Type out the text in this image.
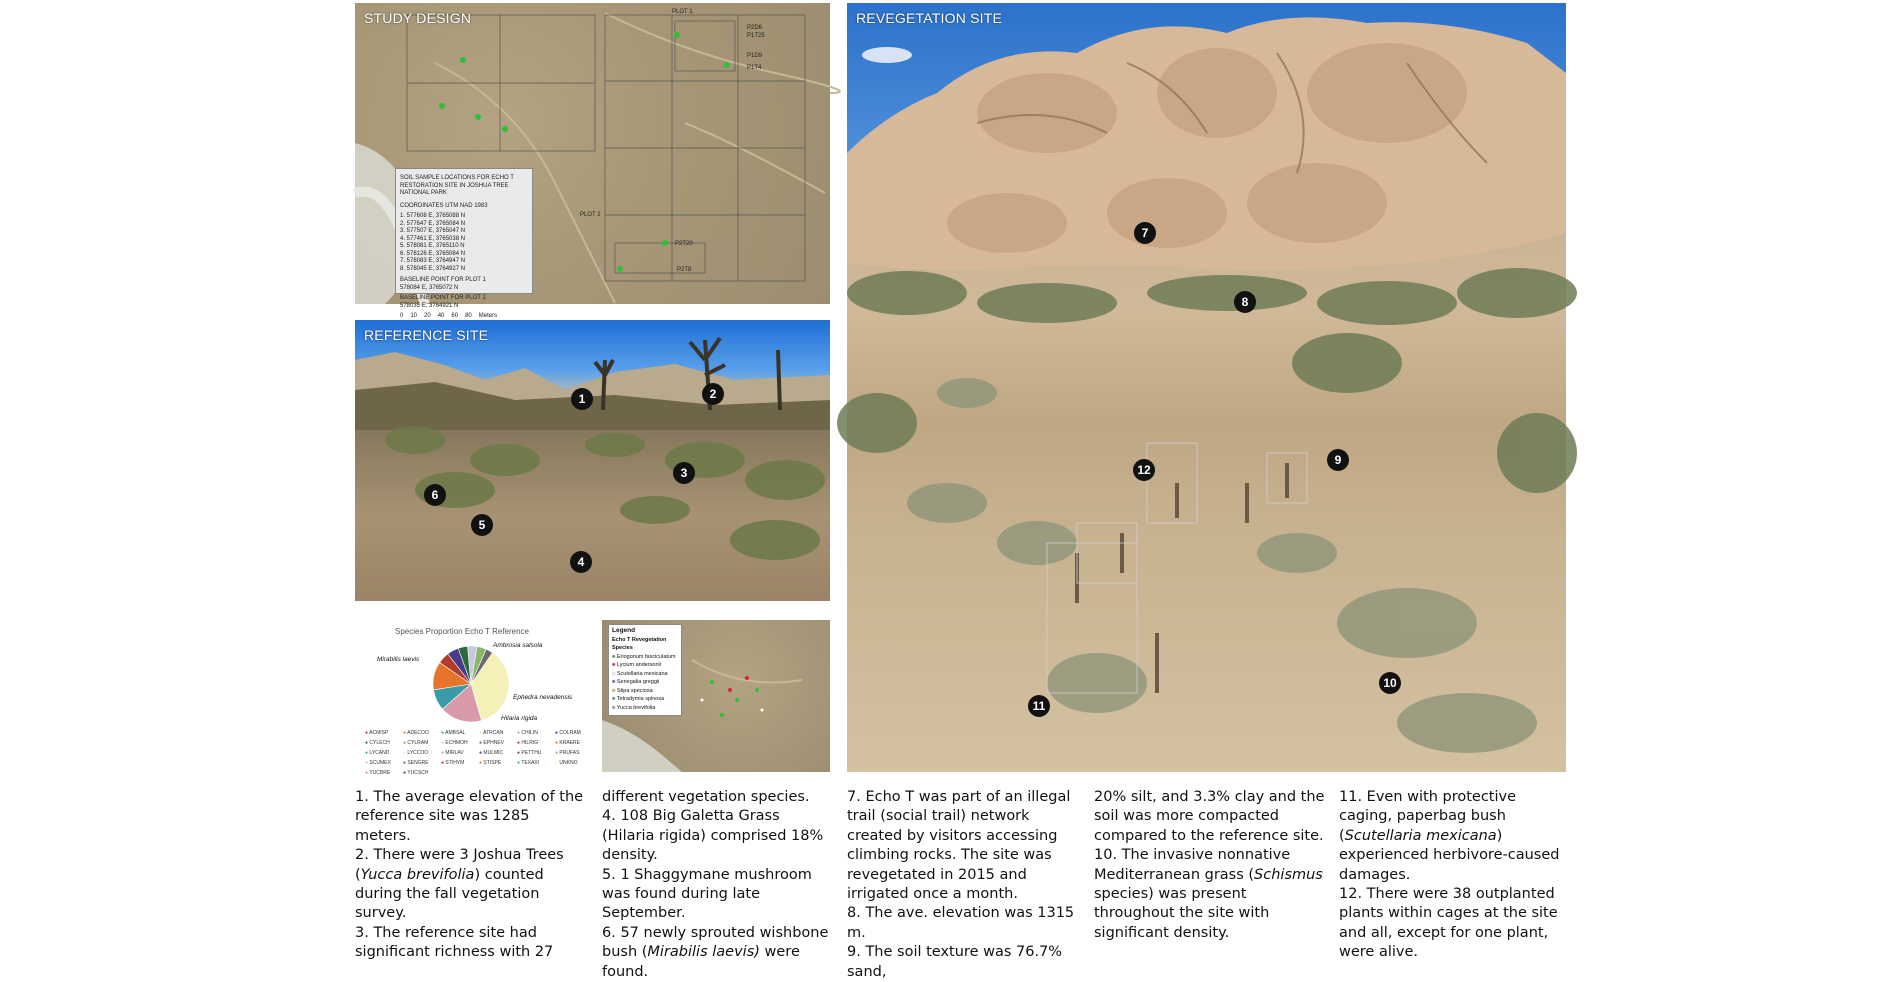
PLOT 1
PLOT 2
P2D6
P1T25
P1D9
P1T4
P2T20
P2T8
SOIL SAMPLE LOCATIONS FOR ECHO T RESTORATION SITE IN JOSHUA TREE NATIONAL PARK
COORDINATES UTM NAD 1983
1. 577608 E, 3765088 N
2. 577647 E, 3765084 N
3. 577507 E, 3765047 N
4. 577461 E, 3765038 N
5. 578081 E, 3765110 N
6. 578126 E, 3765084 N
7. 578083 E, 3764947 N
8. 578045 E, 3764927 N
BASELINE POINT FOR PLOT 1
578084 E, 3765072 N
BASELINE POINT FOR PLOT 2
578035 E, 3764921 N
0 10 20 40 60 80 Meters
STUDY DESIGN
1	2
3
4
5
6
REFERENCE SITE
Species Proportion Echo T Reference
Ambrosia salsola
Mirabilis laevis
Ephedra nevadensis
Hilaria rigida
● ACMISP	● ADECOO	● AMBSAL	● ATRCAN	● CHILIN	● COLRAM
● CYLECH	● CYLRAM	● ECHMOH	● EPHNEV	● HILRIG	● KRAERE
● LYCAND	● LYCCOO	● MIRLAV	● MULMIC	● PETTHU	● PRUFAS
● SCUMEX	● SENGRE	● STIHYM	● STISPE	● TEXAXI	● UNKNO
● YUCBRE	● YUCSCH
Legend
Echo T Revegetation Species
● Eriogonum fasciculatum
● Lycium andersonii
● Scutellaria mexicana
● Senegalia greggii
● Stipa speciosa
● Tetradymia spinosa
● Yucca brevifolia
7
8
9
10
11
12
REVEGETATION SITE

1. The average elevation of the reference site was 1285 meters.

2. There were 3 Joshua Trees (Yucca brevifolia) counted during the fall vegetation survey.

3. The reference site had significant richness with 27

different vegetation species.

4. 108 Big Galetta Grass (Hilaria rigida) comprised 18% density.

5. 1 Shaggymane mushroom was found during late September.

6. 57 newly sprouted wishbone bush (Mirabilis laevis) were found.

7. Echo T was part of an illegal trail (social trail) network created by visitors accessing climbing rocks. The site was revegetated in 2015 and irrigated once a month.

8. The ave. elevation was 1315 m.

9. The soil texture was 76.7% sand,

20% silt, and 3.3% clay and the soil was more compacted compared to the reference site.

10. The invasive nonnative Mediterranean grass (Schismus species) was present throughout the site with significant density.

11. Even with protective caging, paperbag bush (Scutellaria mexicana) experienced herbivore-caused damages.

12. There were 38 outplanted plants within cages at the site and all, except for one plant, were alive.
